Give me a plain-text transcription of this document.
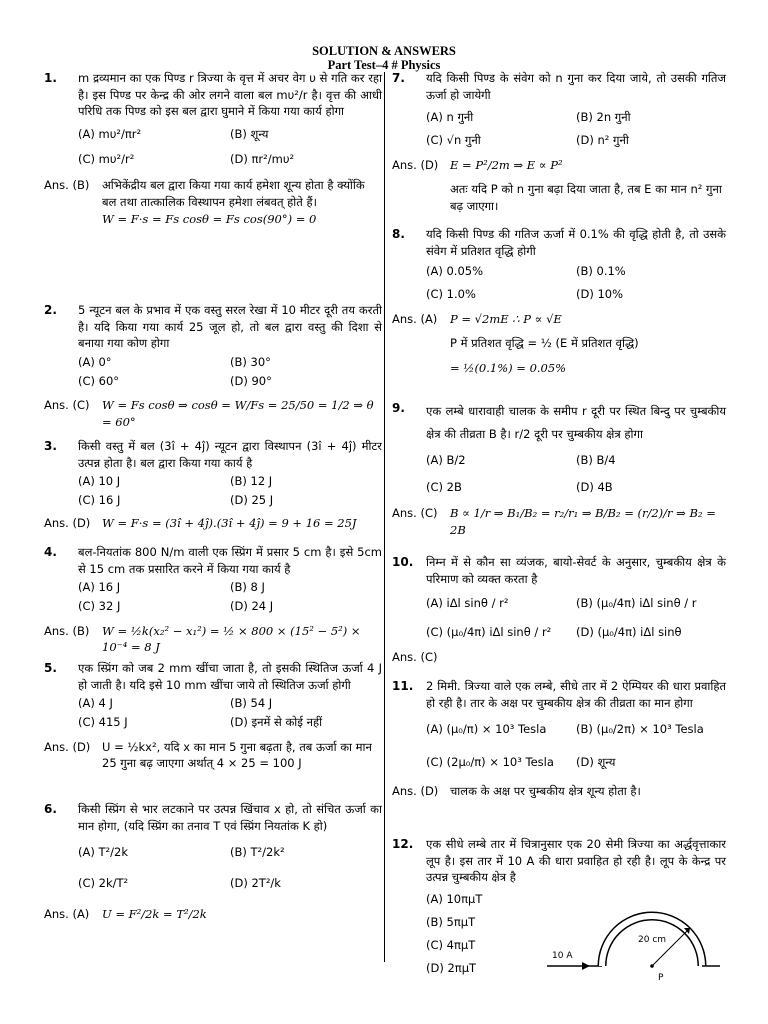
SOLUTION & ANSWERS
Part Test–4 # Physics
1.	m द्रव्यमान का एक पिण्ड r त्रिज्या के वृत्त में अचर वेग υ से गति कर रहा है। इस पिण्ड पर केन्द्र की ओर लगने वाला बल mυ²/r है। वृत्त की आधी परिधि तक पिण्ड को इस बल द्वारा घुमाने में किया गया कार्य होगा
(A) mυ²/πr²	(B) शून्य
(C) mυ²/r²	(D) πr²/mυ²
Ans. (B) अभिकेंद्रीय बल द्वारा किया गया कार्य हमेशा शून्य होता है क्योंकि बल तथा तात्कालिक विस्थापन हमेशा लंबवत् होते हैं।
W = F·s = Fs cosθ = Fs cos(90°) = 0
2.	5 न्यूटन बल के प्रभाव में एक वस्तु सरल रेखा में 10 मीटर दूरी तय करती है। यदि किया गया कार्य 25 जूल हो, तो बल द्वारा वस्तु की दिशा से बनाया गया कोण होगा
(A) 0°	(B) 30°
(C) 60°	(D) 90°
Ans. (C) W = Fs cosθ ⇒ cosθ = W/Fs = 25/50 = 1/2 ⇒ θ = 60°
3.	किसी वस्तु में बल (3î + 4ĵ) न्यूटन द्वारा विस्थापन (3î + 4ĵ) मीटर उत्पन्न होता है। बल द्वारा किया गया कार्य है
(A) 10 J	(B) 12 J
(C) 16 J	(D) 25 J
Ans. (D) W = F·s = (3î + 4ĵ).(3î + 4ĵ) = 9 + 16 = 25J
4.	बल-नियतांक 800 N/m वाली एक स्प्रिंग में प्रसार 5 cm है। इसे 5cm से 15 cm तक प्रसारित करने में किया गया कार्य है
(A) 16 J	(B) 8 J
(C) 32 J	(D) 24 J
Ans. (B) W = ½k(x₂² − x₁²) = ½ × 800 × (15² − 5²) × 10⁻⁴ = 8 J
5.	एक स्प्रिंग को जब 2 mm खींचा जाता है, तो इसकी स्थितिज ऊर्जा 4 J हो जाती है। यदि इसे 10 mm खींचा जाये तो स्थितिज ऊर्जा होगी
(A) 4 J	(B) 54 J
(C) 415 J	(D) इनमें से कोई नहीं
Ans. (D) U = ½kx², यदि x का मान 5 गुना बढ़ता है, तब ऊर्जा का मान 25 गुना बढ़ जाएगा अर्थात् 4 × 25 = 100 J
6.	किसी स्प्रिंग से भार लटकाने पर उत्पन्न खिंचाव x हो, तो संचित ऊर्जा का मान होगा, (यदि स्प्रिंग का तनाव T एवं स्प्रिंग नियतांक K हो)
(A) T²/2k	(B) T²/2k²
(C) 2k/T²	(D) 2T²/k
Ans. (A) U = F²/2k = T²/2k
7.	यदि किसी पिण्ड के संवेग को n गुना कर दिया जाये, तो उसकी गतिज ऊर्जा हो जायेगी
(A) n गुनी	(B) 2n गुनी
(C) √n गुनी	(D) n² गुनी
Ans. (D) E = P²/2m ⇒ E ∝ P²
अतः यदि P को n गुना बढ़ा दिया जाता है, तब E का मान n² गुना बढ़ जाएगा।
8.	यदि किसी पिण्ड की गतिज ऊर्जा में 0.1% की वृद्धि होती है, तो उसके संवेग में प्रतिशत वृद्धि होगी
(A) 0.05%	(B) 0.1%
(C) 1.0%	(D) 10%
Ans. (A) P = √2mE ∴ P ∝ √E
P में प्रतिशत वृद्धि = ½ (E में प्रतिशत वृद्धि)
= ½(0.1%) = 0.05%
9.	एक लम्बे धारावाही चालक के समीप r दूरी पर स्थित बिन्दु पर चुम्बकीय क्षेत्र की तीव्रता B है। r/2 दूरी पर चुम्बकीय क्षेत्र होगा
(A) B/2	(B) B/4
(C) 2B	(D) 4B
Ans. (C) B ∝ 1/r ⇒ B₁/B₂ = r₂/r₁ ⇒ B/B₂ = (r/2)/r ⇒ B₂ = 2B
10. निम्न में से कौन सा व्यंजक, बायो-सेवर्ट के अनुसार, चुम्बकीय क्षेत्र के परिमाण को व्यक्त करता है
(A) iΔl sinθ / r²	(B) (μ₀/4π) iΔl sinθ / r
(C) (μ₀/4π) iΔl sinθ / r²	(D) (μ₀/4π) iΔl sinθ
Ans. (C)
11. 2 मिमी. त्रिज्या वाले एक लम्बे, सीधे तार में 2 ऐम्पियर की धारा प्रवाहित हो रही है। तार के अक्ष पर चुम्बकीय क्षेत्र की तीव्रता का मान होगा
(A) (μ₀/π) × 10³ Tesla	(B) (μ₀/2π) × 10³ Tesla
(C) (2μ₀/π) × 10³ Tesla	(D) शून्य
Ans. (D) चालक के अक्ष पर चुम्बकीय क्षेत्र शून्य होता है।
12. एक सीधे लम्बे तार में चित्रानुसार एक 20 सेमी त्रिज्या का अर्द्धवृत्ताकार लूप है। इस तार में 10 A की धारा प्रवाहित हो रही है। लूप के केन्द्र पर उत्पन्न चुम्बकीय क्षेत्र है
(A) 10πμT
(B) 5πμT
(C) 4πμT
(D) 2πμT
10 A
20 cm
P
